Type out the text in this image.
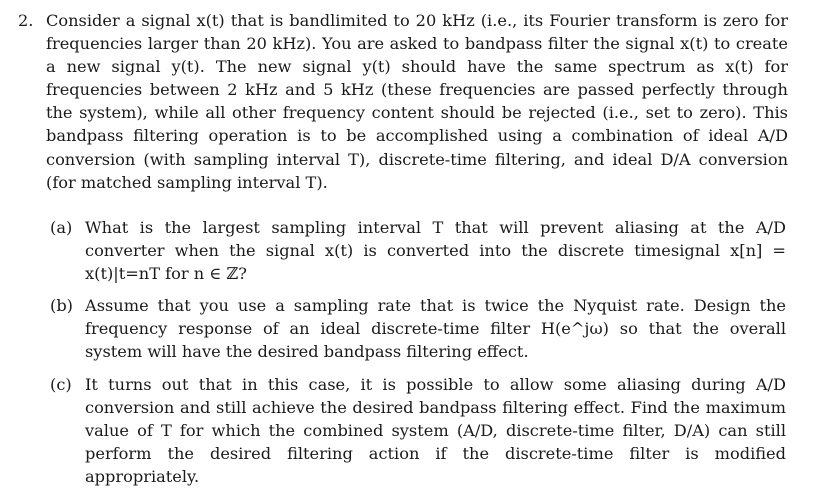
2. Consider a signal x(t) that is bandlimited to 20 kHz (i.e., its Fourier transform is zero for frequencies larger than 20 kHz). You are asked to bandpass filter the signal x(t) to create a new signal y(t). The new signal y(t) should have the same spectrum as x(t) for frequencies between 2 kHz and 5 kHz (these frequencies are passed perfectly through the system), while all other frequency content should be rejected (i.e., set to zero). This bandpass filtering operation is to be accomplished using a combination of ideal A/D conversion (with sampling interval T), discrete-time filtering, and ideal D/A conversion (for matched sampling interval T).
(a) What is the largest sampling interval T that will prevent aliasing at the A/D converter when the signal x(t) is converted into the discrete timesignal x[n] = x(t)|t=nT for n ∈ ℤ?
(b) Assume that you use a sampling rate that is twice the Nyquist rate. Design the frequency response of an ideal discrete-time filter H(e^jω) so that the overall system will have the desired bandpass filtering effect.
(c) It turns out that in this case, it is possible to allow some aliasing during A/D conversion and still achieve the desired bandpass filtering effect. Find the maximum value of T for which the combined system (A/D, discrete-time filter, D/A) can still perform the desired filtering action if the discrete-time filter is modified appropriately.
